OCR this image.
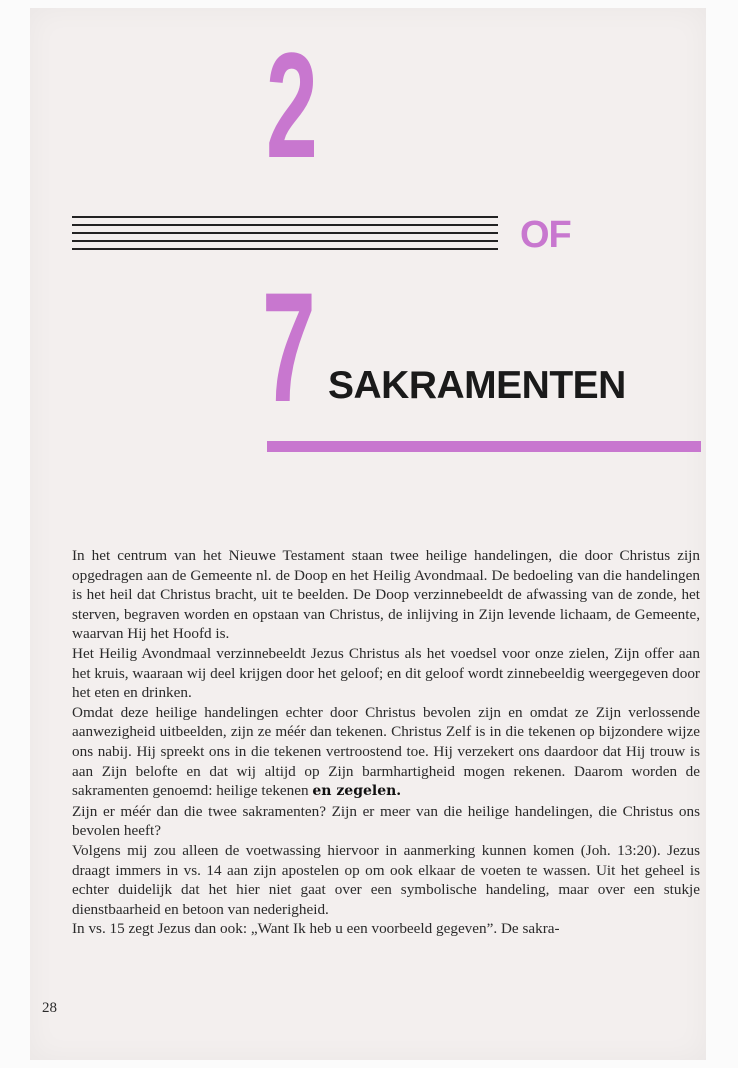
2
OF
7 SAKRAMENTEN

In het centrum van het Nieuwe Testament staan twee heilige handelingen, die door Christus zijn opgedragen aan de Gemeente nl. de Doop en het Heilig Avondmaal. De bedoeling van die handelingen is het heil dat Christus bracht, uit te beelden. De Doop verzinnebeeldt de afwassing van de zonde, het sterven, begraven worden en opstaan van Christus, de inlijving in Zijn levende lichaam, de Gemeente, waarvan Hij het Hoofd is.

Het Heilig Avondmaal verzinnebeeldt Jezus Christus als het voedsel voor onze zielen, Zijn offer aan het kruis, waaraan wij deel krijgen door het geloof; en dit geloof wordt zinnebeeldig weergegeven door het eten en drinken.

Omdat deze heilige handelingen echter door Christus bevolen zijn en omdat ze Zijn verlossende aanwezigheid uitbeelden, zijn ze méér dan tekenen. Christus Zelf is in die tekenen op bijzondere wijze ons nabij. Hij spreekt ons in die tekenen vertroostend toe. Hij verzekert ons daardoor dat Hij trouw is aan Zijn belofte en dat wij altijd op Zijn barmhartigheid mogen rekenen. Daarom worden de sakramenten genoemd: heilige tekenen en zegelen.

Zijn er méér dan die twee sakramenten? Zijn er meer van die heilige handelingen, die Christus ons bevolen heeft?

Volgens mij zou alleen de voetwassing hiervoor in aanmerking kunnen komen (Joh. 13:20). Jezus draagt immers in vs. 14 aan zijn apostelen op om ook elkaar de voeten te wassen. Uit het geheel is echter duidelijk dat het hier niet gaat over een symbolische handeling, maar over een stukje dienstbaarheid en betoon van nederigheid.

In vs. 15 zegt Jezus dan ook: „Want Ik heb u een voorbeeld gegeven”. De sakra-

28
